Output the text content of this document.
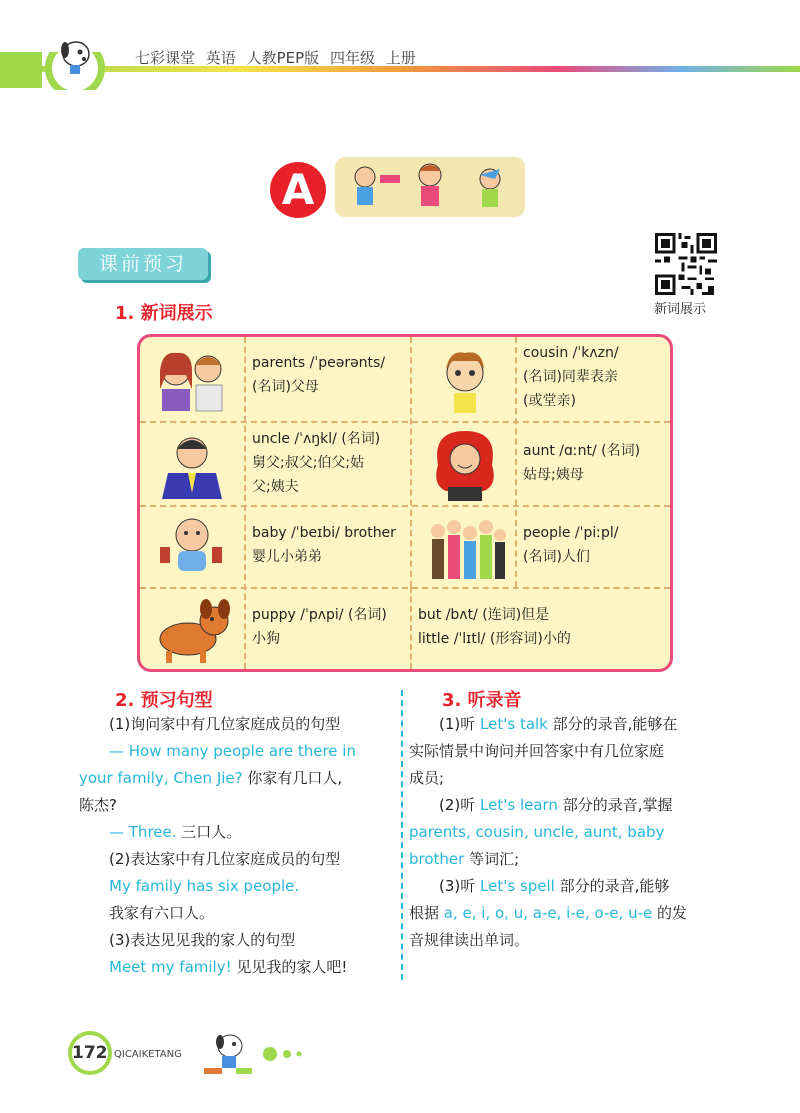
七彩课堂 英语 人教PEP版 四年级 上册
A
课前预习
新词展示
1. 新词展示
parents /ˈpeərənts/
(名词)父母
cousin /ˈkʌzn/
(名词)同辈表亲
(或堂亲)
uncle /ˈʌŋkl/ (名词)
舅父;叔父;伯父;姑
父;姨夫
aunt /ɑːnt/ (名词)
姑母;姨母
baby /ˈbeɪbi/ brother
婴儿小弟弟
people /ˈpiːpl/
(名词)人们
puppy /ˈpʌpi/ (名词)
小狗
but /bʌt/ (连词)但是
little /ˈlɪtl/ (形容词)小的
2. 预习句型
(1)询问家中有几位家庭成员的句型
— How many people are there in
your family, Chen Jie? 你家有几口人,
陈杰?
— Three. 三口人。
(2)表达家中有几位家庭成员的句型
My family has six people.
我家有六口人。
(3)表达见见我的家人的句型
Meet my family! 见见我的家人吧!
3. 听录音
(1)听 Let's talk 部分的录音,能够在
实际情景中询问并回答家中有几位家庭
成员;
(2)听 Let's learn 部分的录音,掌握
parents, cousin, uncle, aunt, baby
brother 等词汇;
(3)听 Let's spell 部分的录音,能够
根据 a, e, i, o, u, a-e, i-e, o-e, u-e 的发
音规律读出单词。
172 QICAIKETANG
